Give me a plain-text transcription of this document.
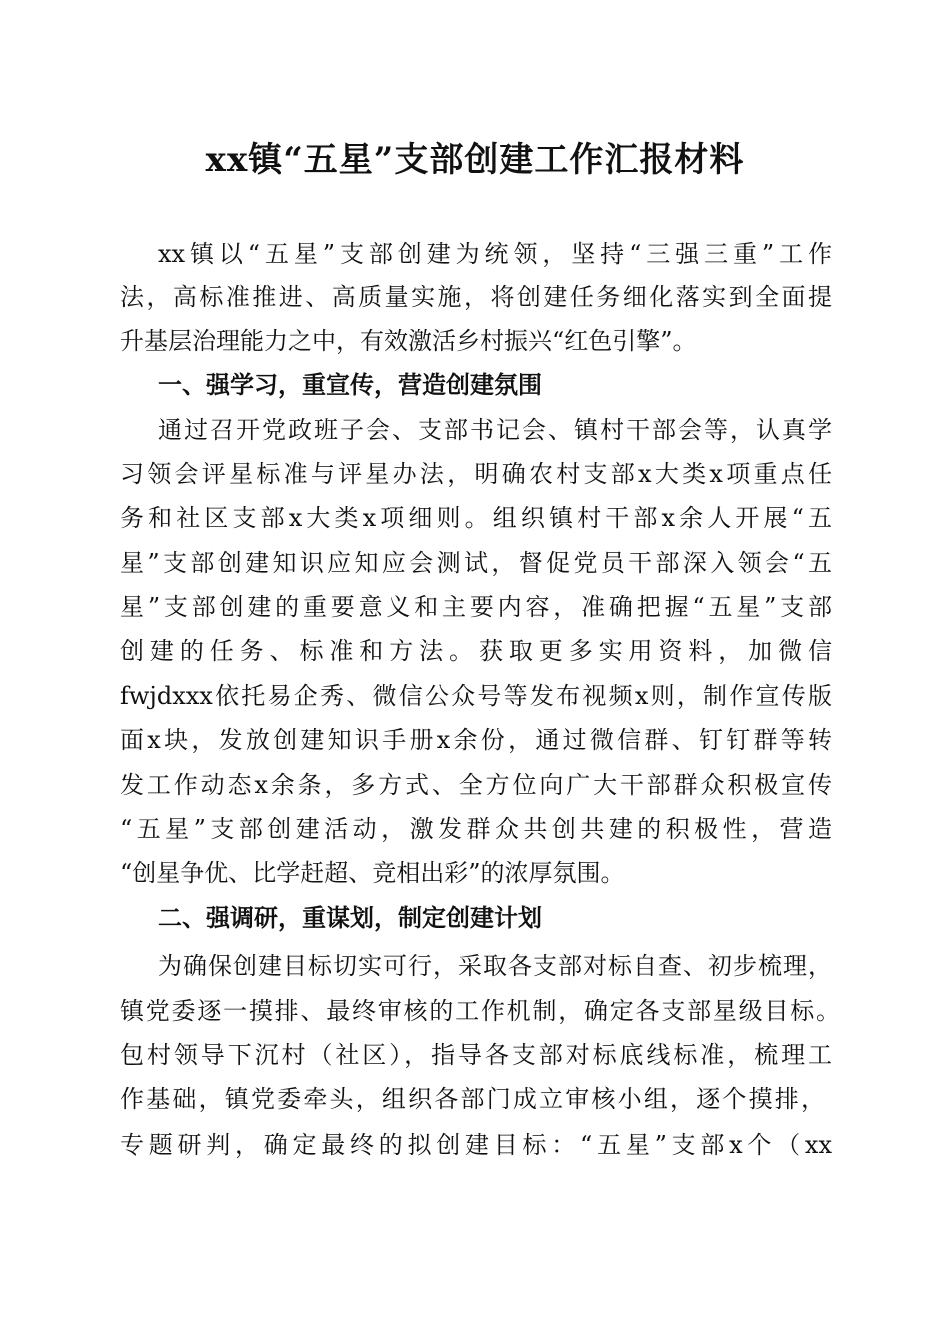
xx镇“五星”支部创建工作汇报材料
xx镇以“五星”支部创建为统领，坚持“三强三重”工作
法，高标准推进、高质量实施，将创建任务细化落实到全面提
升基层治理能力之中，有效激活乡村振兴“红色引擎”。
一、强学习，重宣传，营造创建氛围
通过召开党政班子会、支部书记会、镇村干部会等，认真学
习领会评星标准与评星办法，明确农村支部x大类x项重点任
务和社区支部x大类x项细则。组织镇村干部x余人开展“五
星”支部创建知识应知应会测试，督促党员干部深入领会“五
星”支部创建的重要意义和主要内容，准确把握“五星”支部
创建的任务、标准和方法。获取更多实用资料，加微信
fwjdxxx依托易企秀、微信公众号等发布视频x则，制作宣传版
面x块，发放创建知识手册x余份，通过微信群、钉钉群等转
发工作动态x余条，多方式、全方位向广大干部群众积极宣传
“五星”支部创建活动，激发群众共创共建的积极性，营造
“创星争优、比学赶超、竞相出彩”的浓厚氛围。
二、强调研，重谋划，制定创建计划
为确保创建目标切实可行，采取各支部对标自查、初步梳理，
镇党委逐一摸排、最终审核的工作机制，确定各支部星级目标。
包村领导下沉村（社区），指导各支部对标底线标准，梳理工
作基础，镇党委牵头，组织各部门成立审核小组，逐个摸排，
专题研判，确定最终的拟创建目标：“五星”支部x个（xx
